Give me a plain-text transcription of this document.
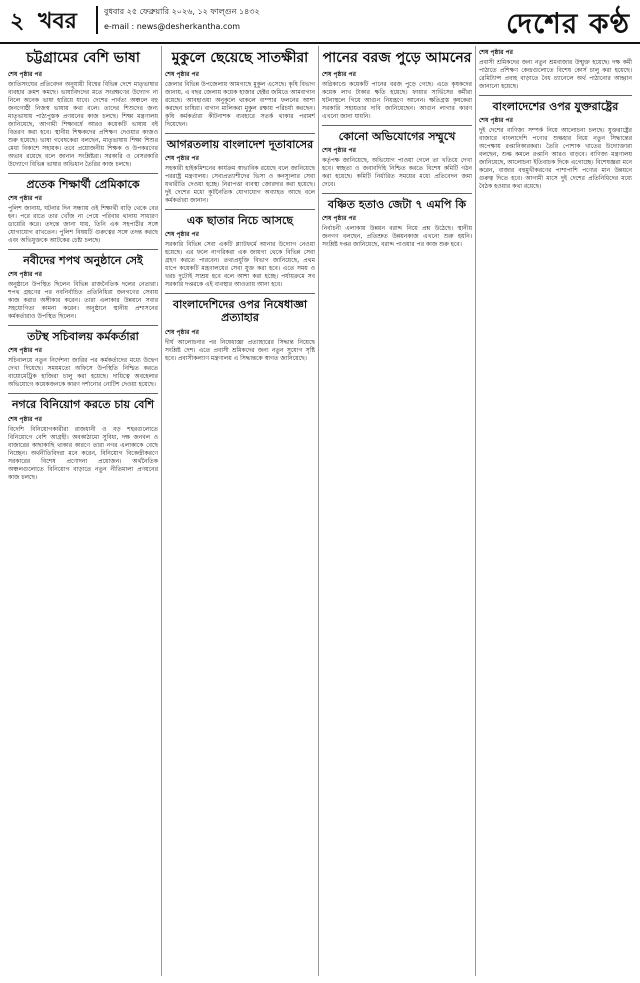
২ খবর	বুধবার ২৫ ফেব্রুয়ারি ২০২৬, ১২ ফাল্গুন ১৪৩২
e-mail : news@desherkantha.com	দেশের কণ্ঠ
চট্টগ্রামের বেশি ভাষা
শেষ পৃষ্ঠার পর

জাতিসংঘের প্রতিবেদন অনুযায়ী বিশ্বের বিভিন্ন দেশে মাতৃভাষার ব্যবহার ক্রমশ কমছে। ভাষাবিদদের মতে সংরক্ষণের উদ্যোগ না নিলে অনেক ভাষা হারিয়ে যাবে। দেশের পার্বত্য অঞ্চলে বহু জনগোষ্ঠী নিজস্ব ভাষায় কথা বলে। তাদের শিশুদের জন্য মাতৃভাষায় পাঠ্যপুস্তক প্রণয়নের কাজ চলছে। শিক্ষা মন্ত্রণালয় জানিয়েছে, আগামী শিক্ষাবর্ষে আরও কয়েকটি ভাষায় বই বিতরণ করা হবে। স্থানীয় শিক্ষকদের প্রশিক্ষণ দেওয়ার কাজও শুরু হয়েছে। ভাষা গবেষকেরা বলছেন, মাতৃভাষায় শিক্ষা শিশুর মেধা বিকাশে সহায়ক। তবে প্রয়োজনীয় শিক্ষক ও উপকরণের অভাব রয়েছে বলে জানান সংশ্লিষ্টরা। সরকারি ও বেসরকারি উদ্যোগে বিভিন্ন ভাষার অভিধান তৈরির কাজ চলছে।

প্রতেক শিক্ষার্থী প্রেমিকাকে
শেষ পৃষ্ঠার পর

পুলিশ জানায়, ঘটনার দিন সন্ধ্যায় ওই শিক্ষার্থী বাড়ি থেকে বের হন। পরে রাতে তার খোঁজ না পেয়ে পরিবার থানায় সাধারণ ডায়েরি করে। তদন্তে জানা যায়, তিনি এক সহপাঠীর সঙ্গে যোগাযোগ রাখতেন। পুলিশ বিষয়টি গুরুত্বের সঙ্গে তদন্ত করছে এবং অভিযুক্তকে আটকের চেষ্টা চলছে।

নবীদের শপথ অনুষ্ঠানে সেই
শেষ পৃষ্ঠার পর

অনুষ্ঠানে উপস্থিত ছিলেন বিভিন্ন রাজনৈতিক দলের নেতারা। শপথ গ্রহণের পর নবনির্বাচিত প্রতিনিধিরা জনগণের সেবায় কাজ করার অঙ্গীকার করেন। তারা এলাকার উন্নয়নে সবার সহযোগিতা কামনা করেন। অনুষ্ঠানে স্থানীয় প্রশাসনের কর্মকর্তারাও উপস্থিত ছিলেন।

তটস্থ সচিবালয় কর্মকর্তারা
শেষ পৃষ্ঠার পর

সচিবালয়ে নতুন নির্দেশনা জারির পর কর্মকর্তাদের মধ্যে উদ্বেগ দেখা দিয়েছে। সময়মতো অফিসে উপস্থিতি নিশ্চিত করতে বায়োমেট্রিক হাজিরা চালু করা হয়েছে। দায়িত্বে অবহেলার অভিযোগে কয়েকজনকে কারণ দর্শানোর নোটিশ দেওয়া হয়েছে।

নগরে বিনিয়োগ করতে চায় বেশি
শেষ পৃষ্ঠার পর

বিদেশি বিনিয়োগকারীরা রাজধানী ও বড় শহরগুলোতে বিনিয়োগে বেশি আগ্রহী। অবকাঠামো সুবিধা, দক্ষ জনবল ও বাজারের কাছাকাছি থাকার কারণে তারা নগর এলাকাকে বেছে নিচ্ছেন। অর্থনীতিবিদরা মনে করেন, বিনিয়োগ বিকেন্দ্রীকরণে সরকারের বিশেষ প্রণোদনা প্রয়োজন। অর্থনৈতিক অঞ্চলগুলোতে বিনিয়োগ বাড়াতে নতুন নীতিমালা প্রণয়নের কাজ চলছে।

মুকুলে ছেয়েছে সাতক্ষীরা
শেষ পৃষ্ঠার পর

জেলার বিভিন্ন উপজেলায় আমগাছে মুকুল এসেছে। কৃষি বিভাগ জানায়, এ বছর জেলায় কয়েক হাজার হেক্টর জমিতে আমবাগান রয়েছে। আবহাওয়া অনুকূলে থাকলে বাম্পার ফলনের আশা করছেন চাষিরা। বাগান মালিকরা মুকুল রক্ষায় পরিচর্যা করছেন। কৃষি কর্মকর্তারা কীটনাশক ব্যবহারে সতর্ক থাকার পরামর্শ দিয়েছেন।

আগরতলায় বাংলাদেশ দূতাবাসের
শেষ পৃষ্ঠার পর

সহকারী হাইকমিশনের কার্যক্রম স্বাভাবিক রয়েছে বলে জানিয়েছে পররাষ্ট্র মন্ত্রণালয়। সেবাপ্রত্যাশীদের ভিসা ও কনস্যুলার সেবা যথারীতি দেওয়া হচ্ছে। নিরাপত্তা ব্যবস্থা জোরদার করা হয়েছে। দুই দেশের মধ্যে কূটনৈতিক যোগাযোগ অব্যাহত আছে বলে কর্মকর্তারা জানান।

এক ছাতার নিচে আসছে
শেষ পৃষ্ঠার পর

সরকারি বিভিন্ন সেবা একটি প্ল্যাটফর্মে আনার উদ্যোগ নেওয়া হয়েছে। এর ফলে নাগরিকরা এক জায়গা থেকে বিভিন্ন সেবা গ্রহণ করতে পারবেন। তথ্যপ্রযুক্তি বিভাগ জানিয়েছে, প্রথম ধাপে কয়েকটি মন্ত্রণালয়ের সেবা যুক্ত করা হবে। এতে সময় ও খরচ দুটোই সাশ্রয় হবে বলে আশা করা হচ্ছে। পর্যায়ক্রমে সব সরকারি দপ্তরকে এই ব্যবস্থার আওতায় আনা হবে।

বাংলাদেশিদের ওপর নিষেধাজ্ঞা প্রত্যাহার
শেষ পৃষ্ঠার পর

দীর্ঘ আলোচনার পর নিষেধাজ্ঞা প্রত্যাহারের সিদ্ধান্ত নিয়েছে সংশ্লিষ্ট দেশ। এতে প্রবাসী শ্রমিকদের জন্য নতুন সুযোগ সৃষ্টি হবে। প্রবাসীকল্যাণ মন্ত্রণালয় এ সিদ্ধান্তকে স্বাগত জানিয়েছে।

পানের বরজ পুড়ে আমনের
শেষ পৃষ্ঠার পর

অগ্নিকাণ্ডে কয়েকটি পানের বরজ পুড়ে গেছে। এতে কৃষকদের কয়েক লাখ টাকার ক্ষতি হয়েছে। ফায়ার সার্ভিসের কর্মীরা ঘটনাস্থলে গিয়ে আগুন নিয়ন্ত্রণে আনেন। ক্ষতিগ্রস্ত কৃষকেরা সরকারি সহায়তার দাবি জানিয়েছেন। আগুন লাগার কারণ এখনো জানা যায়নি।

কোনো অভিযোগের সম্মুখে
শেষ পৃষ্ঠার পর

কর্তৃপক্ষ জানিয়েছে, অভিযোগ পাওয়া গেলে তা খতিয়ে দেখা হবে। স্বচ্ছতা ও জবাবদিহি নিশ্চিত করতে বিশেষ কমিটি গঠন করা হয়েছে। কমিটি নির্ধারিত সময়ের মধ্যে প্রতিবেদন জমা দেবে।

বঞ্চিত হতাও জেটা ৭ এমপি কি
শেষ পৃষ্ঠার পর

নির্বাচনী এলাকায় উন্নয়ন বরাদ্দ নিয়ে প্রশ্ন উঠেছে। স্থানীয় জনগণ বলছেন, প্রতিশ্রুত উন্নয়নকাজ এখনো শুরু হয়নি। সংশ্লিষ্ট দপ্তর জানিয়েছে, বরাদ্দ পাওয়ার পর কাজ শুরু হবে।

শেষ পৃষ্ঠার পর

প্রবাসী শ্রমিকদের জন্য নতুন শ্রমবাজার উন্মুক্ত হয়েছে। দক্ষ কর্মী পাঠাতে প্রশিক্ষণ কেন্দ্রগুলোতে বিশেষ কোর্স চালু করা হয়েছে। রেমিট্যান্স প্রবাহ বাড়াতে বৈধ চ্যানেলে অর্থ পাঠানোর আহ্বান জানানো হয়েছে।

বাংলাদেশের ওপর যুক্তরাষ্ট্রের
শেষ পৃষ্ঠার পর

দুই দেশের বাণিজ্য সম্পর্ক নিয়ে আলোচনা চলছে। যুক্তরাষ্ট্রের বাজারে বাংলাদেশি পণ্যের শুল্কহার নিয়ে নতুন সিদ্ধান্তের অপেক্ষায় রপ্তানিকারকরা। তৈরি পোশাক খাতের উদ্যোক্তারা বলছেন, শুল্ক কমলে রপ্তানি আরও বাড়বে। বাণিজ্য মন্ত্রণালয় জানিয়েছে, আলোচনা ইতিবাচক দিকে এগোচ্ছে। বিশেষজ্ঞরা মনে করেন, বাজার বহুমুখীকরণের পাশাপাশি পণ্যের মান উন্নয়নে গুরুত্ব দিতে হবে। আগামী মাসে দুই দেশের প্রতিনিধিদের মধ্যে বৈঠক হওয়ার কথা রয়েছে।
